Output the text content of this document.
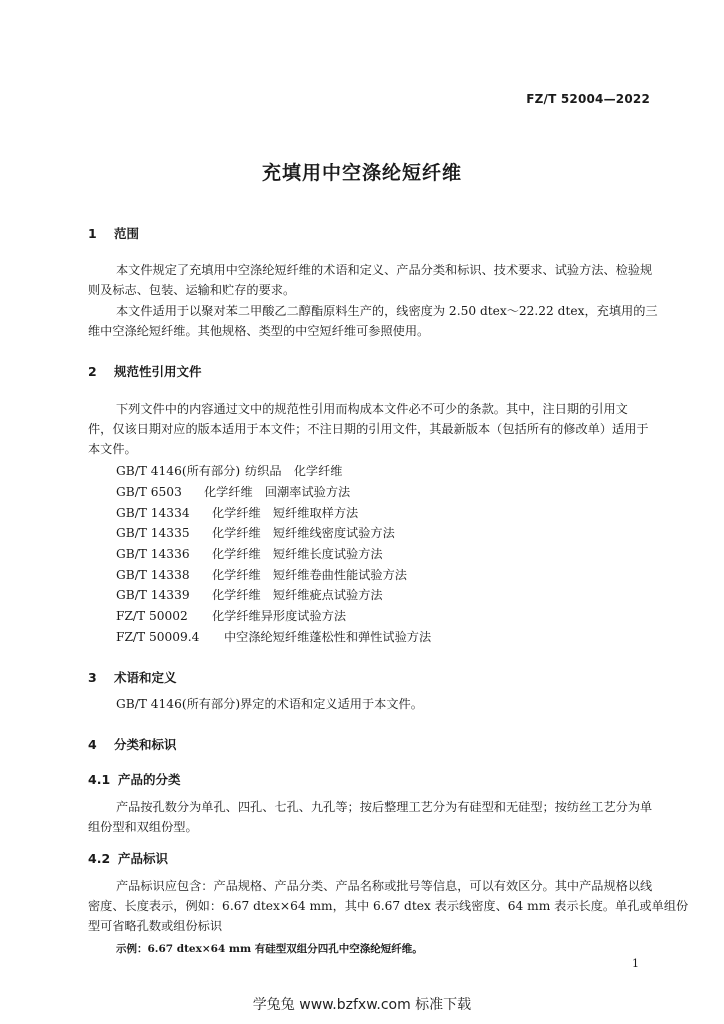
FZ/T 52004—2022
充填用中空涤纶短纤维
1 范围
本文件规定了充填用中空涤纶短纤维的术语和定义、产品分类和标识、技术要求、试验方法、检验规
则及标志、包装、运输和贮存的要求。
本文件适用于以聚对苯二甲酸乙二醇酯原料生产的，线密度为 2.50 dtex～22.22 dtex，充填用的三
维中空涤纶短纤维。其他规格、类型的中空短纤维可参照使用。
2 规范性引用文件
下列文件中的内容通过文中的规范性引用而构成本文件必不可少的条款。其中，注日期的引用文
件，仅该日期对应的版本适用于本文件；不注日期的引用文件，其最新版本（包括所有的修改单）适用于
本文件。
GB/T 4146(所有部分) 纺织品　化学纤维
GB/T 6503 化学纤维　回潮率试验方法
GB/T 14334 化学纤维　短纤维取样方法
GB/T 14335 化学纤维　短纤维线密度试验方法
GB/T 14336 化学纤维　短纤维长度试验方法
GB/T 14338 化学纤维　短纤维卷曲性能试验方法
GB/T 14339 化学纤维　短纤维疵点试验方法
FZ/T 50002 化学纤维异形度试验方法
FZ/T 50009.4 中空涤纶短纤维蓬松性和弹性试验方法
3 术语和定义
GB/T 4146(所有部分)界定的术语和定义适用于本文件。
4 分类和标识
4.1 产品的分类
产品按孔数分为单孔、四孔、七孔、九孔等；按后整理工艺分为有硅型和无硅型；按纺丝工艺分为单
组份型和双组份型。
4.2 产品标识
产品标识应包含：产品规格、产品分类、产品名称或批号等信息，可以有效区分。其中产品规格以线
密度、长度表示，例如：6.67 dtex×64 mm，其中 6.67 dtex 表示线密度、64 mm 表示长度。单孔或单组份
型可省略孔数或组份标识
示例：6.67 dtex×64 mm 有硅型双组分四孔中空涤纶短纤维。
1
学兔兔 www.bzfxw.com 标准下载
